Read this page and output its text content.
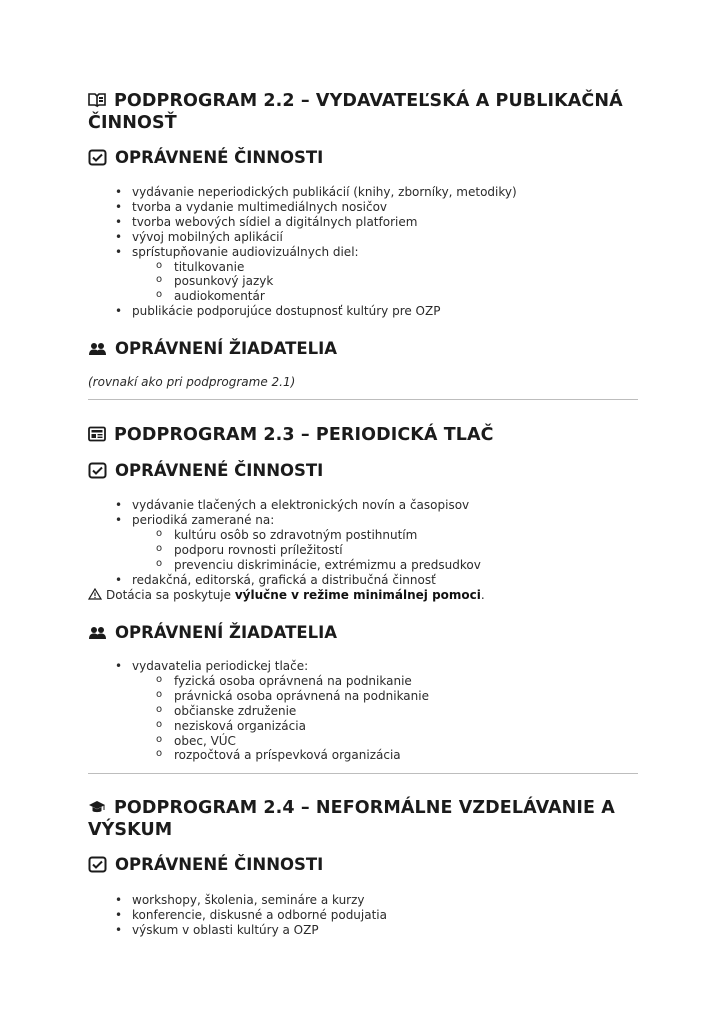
PODPROGRAM 2.2 – VYDAVATEĽSKÁ A PUBLIKAČNÁ
ČINNOSŤ
OPRÁVNENÉ ČINNOSTI
• vydávanie neperiodických publikácií (knihy, zborníky, metodiky)
• tvorba a vydanie multimediálnych nosičov
• tvorba webových sídiel a digitálnych platforiem
• vývoj mobilných aplikácií
• sprístupňovanie audiovizuálnych diel:
o titulkovanie
o posunkový jazyk
o audiokomentár
• publikácie podporujúce dostupnosť kultúry pre OZP
OPRÁVNENÍ ŽIADATELIA
(rovnakí ako pri podprograme 2.1)
PODPROGRAM 2.3 – PERIODICKÁ TLAČ
OPRÁVNENÉ ČINNOSTI
• vydávanie tlačených a elektronických novín a časopisov
• periodiká zamerané na:
o kultúru osôb so zdravotným postihnutím
o podporu rovnosti príležitostí
o prevenciu diskriminácie, extrémizmu a predsudkov
• redakčná, editorská, grafická a distribučná činnosť
Dotácia sa poskytuje výlučne v režime minimálnej pomoci.
OPRÁVNENÍ ŽIADATELIA
• vydavatelia periodickej tlače:
o fyzická osoba oprávnená na podnikanie
o právnická osoba oprávnená na podnikanie
o občianske združenie
o nezisková organizácia
o obec, VÚC
o rozpočtová a príspevková organizácia
PODPROGRAM 2.4 – NEFORMÁLNE VZDELÁVANIE A
VÝSKUM
OPRÁVNENÉ ČINNOSTI
• workshopy, školenia, semináre a kurzy
• konferencie, diskusné a odborné podujatia
• výskum v oblasti kultúry a OZP
